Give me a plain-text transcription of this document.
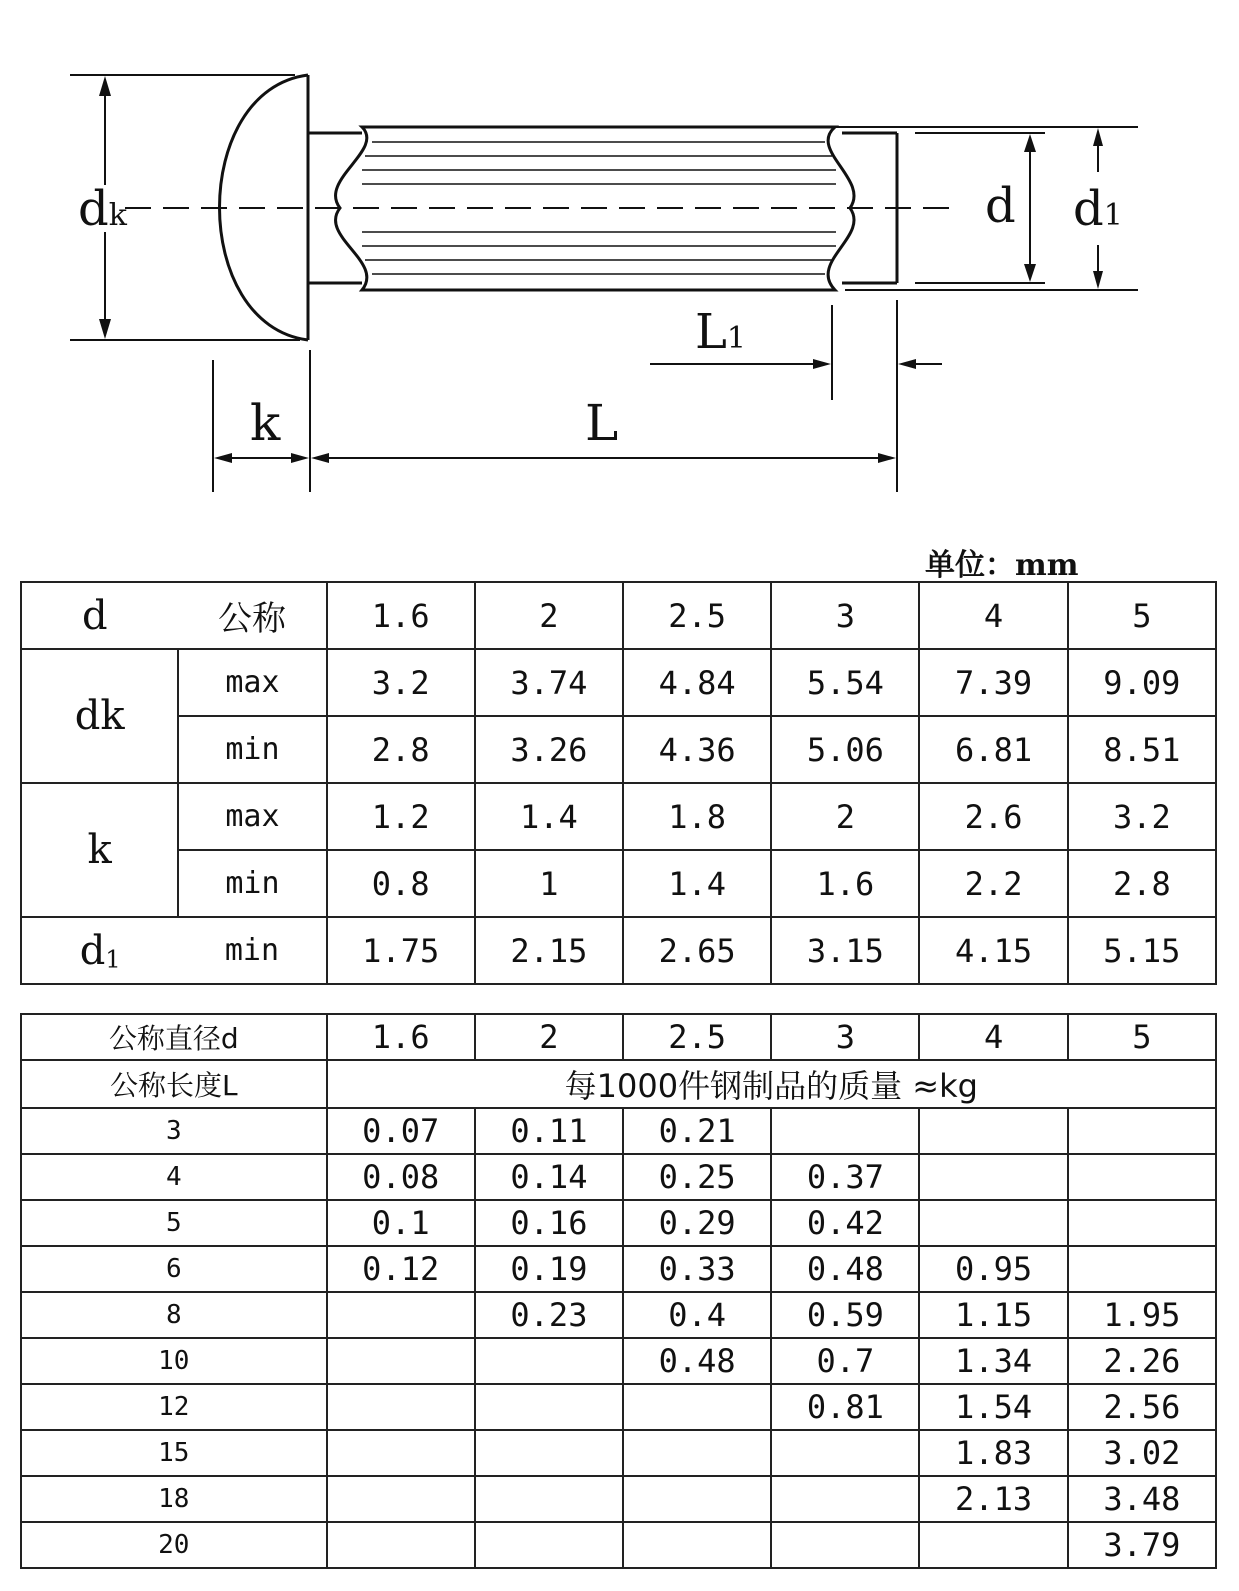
dk	d d1
L1
k	L
单位：mm
d	公称	1.6	2	2.5	3	4	5
dk	max	3.2	3.74	4.84	5.54	7.39	9.09
	min	2.8	3.26	4.36	5.06	6.81	8.51
k	max	1.2	1.4	1.8	2	2.6	3.2
	min	0.8	1	1.4	1.6	2.2	2.8
$d_1$	min	1.75	2.15	2.65	3.15	4.15	5.15
公称直径d	1.6	2	2.5	3	4	5
公称长度L	每1000件钢制品的质量 ≈kg					
3	0.07	0.11	0.21			
4	0.08	0.14	0.25	0.37		
5	0.1	0.16	0.29	0.42		
6	0.12	0.19	0.33	0.48	0.95	
8		0.23	0.4	0.59	1.15	1.95
10			0.48	0.7	1.34	2.26
12				0.81	1.54	2.56
15					1.83	3.02
18					2.13	3.48
20						3.79
